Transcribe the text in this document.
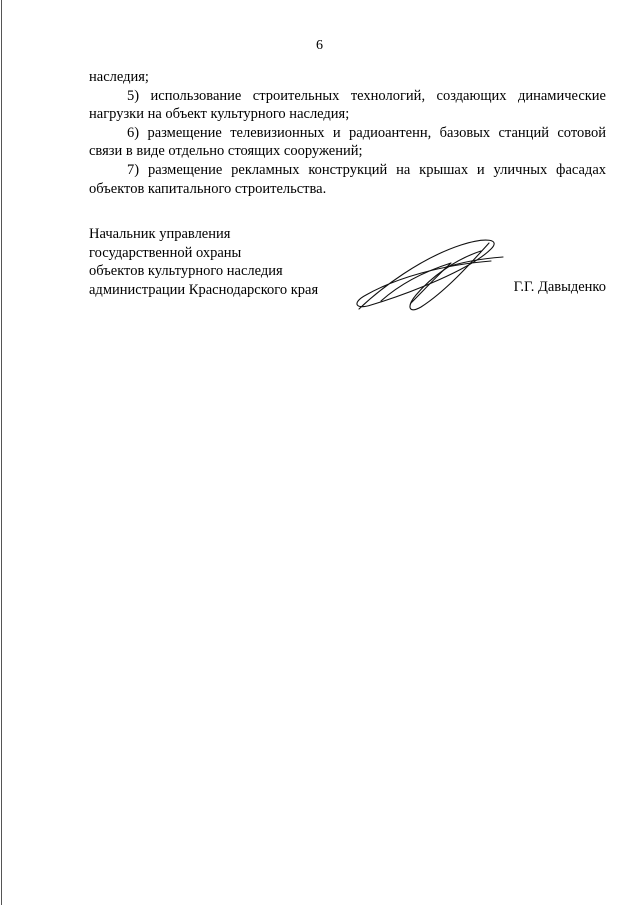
6

наследия;

5) использование строительных технологий, создающих динамические нагрузки на объект культурного наследия;

6) размещение телевизионных и радиоантенн, базовых станций сотовой связи в виде отдельно стоящих сооружений;

7) размещение рекламных конструкций на крышах и уличных фасадах объектов капитального строительства.

Начальник управления
государственной охраны
объектов культурного наследия
администрации Краснодарского края	Г.Г. Давыденко
